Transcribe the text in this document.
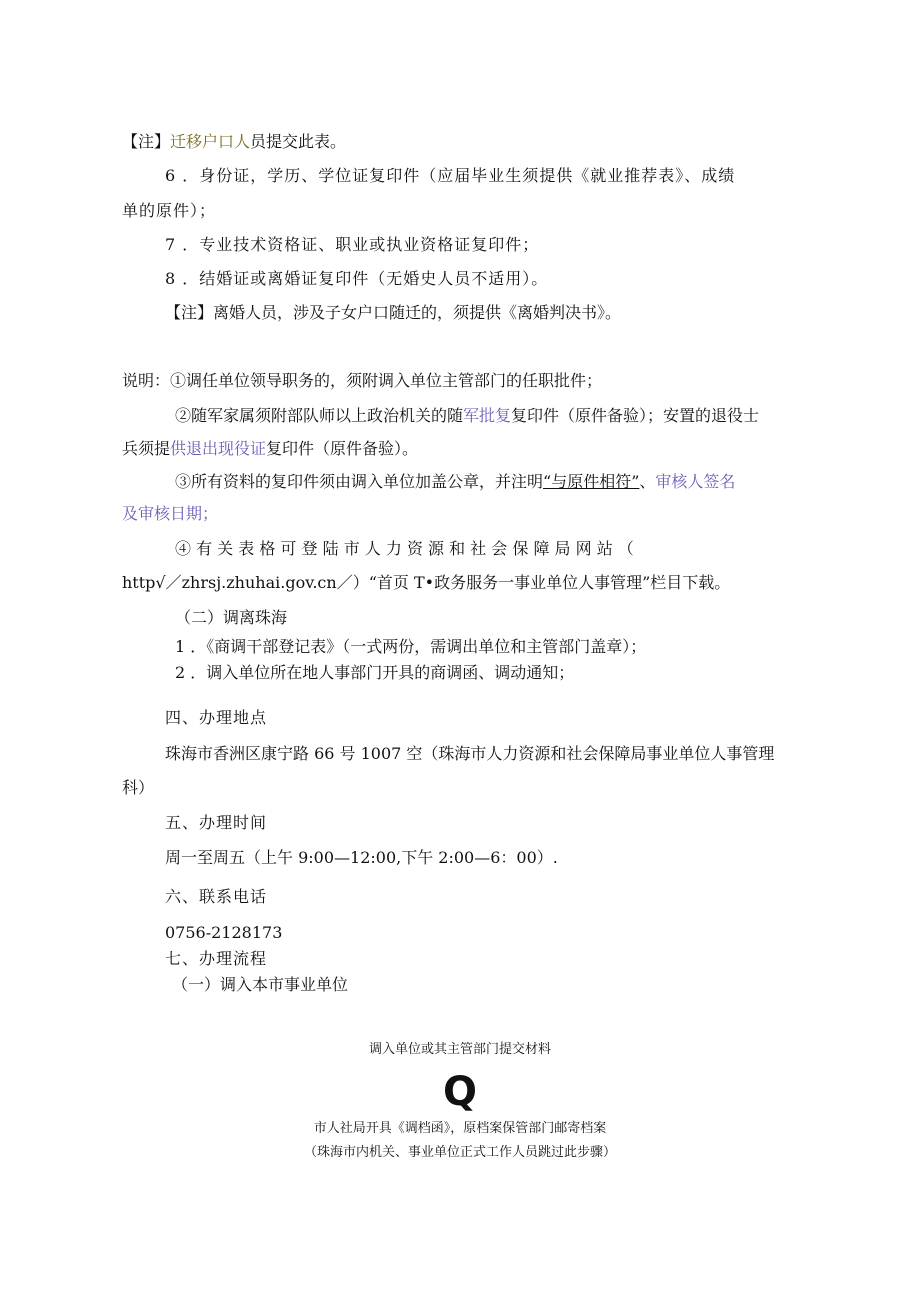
【注】迁移户口人员提交此表。
6 ．身份证，学历、学位证复印件（应届毕业生须提供《就业推荐表》、成绩
单的原件）；
7 ．专业技术资格证、职业或执业资格证复印件；
8 ．结婚证或离婚证复印件（无婚史人员不适用）。
【注】离婚人员，涉及子女户口随迁的，须提供《离婚判决书》。
说明：①调任单位领导职务的，须附调入单位主管部门的任职批件；
②随军家属须附部队师以上政治机关的随军批复复印件（原件备验）；安置的退役士
兵须提供退出现役证复印件（原件备验）。
③所有资料的复印件须由调入单位加盖公章，并注明“与原件相符”、审核人签名
及审核日期；
④ 有 关 表 格 可 登 陆 市 人 力 资 源 和 社 会 保 障 局 网 站 （
http√／zhrsj.zhuhai.gov.cn／）“首页 T•政务服务一事业单位人事管理”栏目下载。
（二）调离珠海
1 ．《商调干部登记表》（一式两份，需调出单位和主管部门盖章）；
2 ．调入单位所在地人事部门开具的商调函、调动通知；
四、办理地点
珠海市香洲区康宁路 66 号 1007 空（珠海市人力资源和社会保障局事业单位人事管理
科）
五、办理时间
周一至周五（上午 9:00—12:00,下午 2:00—6：00）.
六、联系电话
0756-2128173
七、办理流程
（一）调入本市事业单位
调入单位或其主管部门提交材料
Q
市人社局开具《调档函》，原档案保管部门邮寄档案
（珠海市内机关、事业单位正式工作人员跳过此步骤）
